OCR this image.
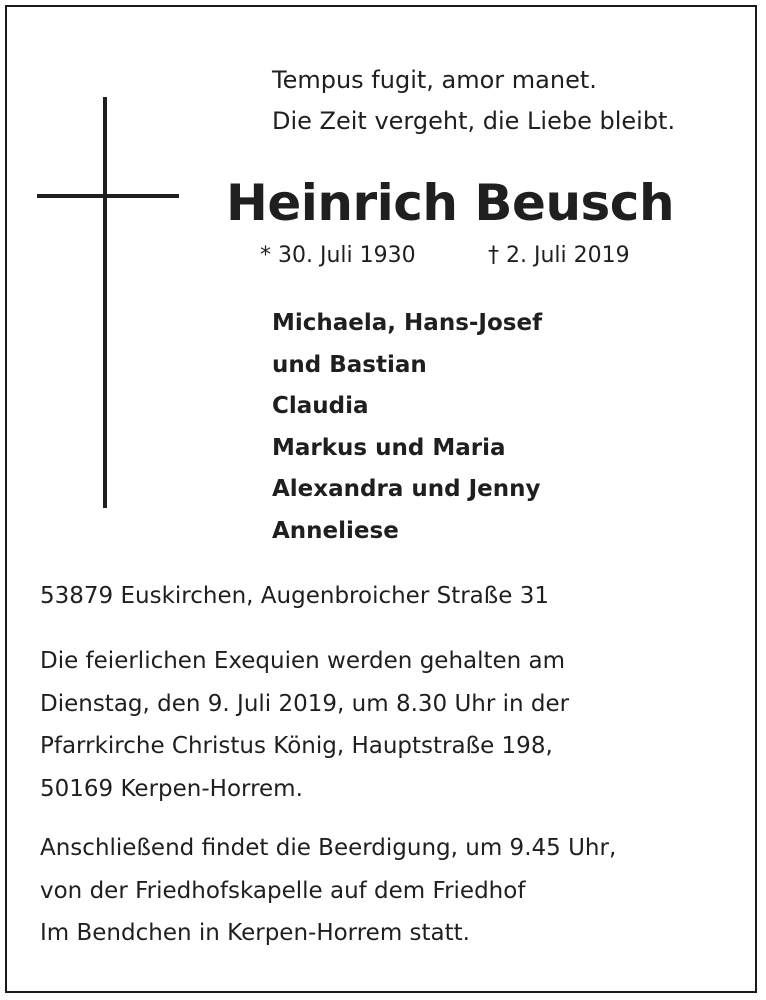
Tempus fugit, amor manet.
Die Zeit vergeht, die Liebe bleibt.
Heinrich Beusch
* 30. Juli 1930	† 2. Juli 2019
Michaela, Hans-Josef
und Bastian
Claudia
Markus und Maria
Alexandra und Jenny
Anneliese
53879 Euskirchen, Augenbroicher Straße 31
Die feierlichen Exequien werden gehalten am
Dienstag, den 9. Juli 2019, um 8.30 Uhr in der
Pfarrkirche Christus König, Hauptstraße 198,
50169 Kerpen-Horrem.
Anschließend findet die Beerdigung, um 9.45 Uhr,
von der Friedhofskapelle auf dem Friedhof
Im Bendchen in Kerpen-Horrem statt.
